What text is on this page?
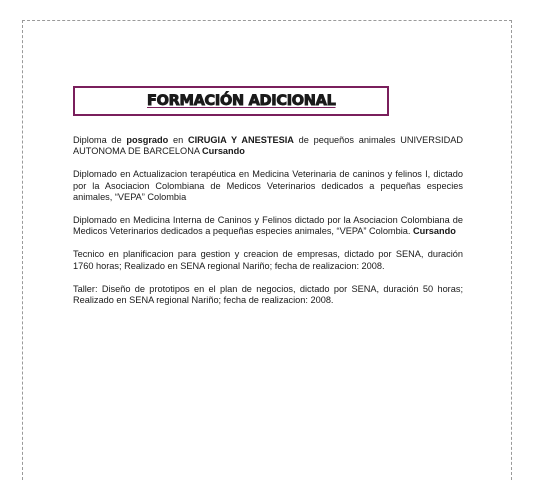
FORMACIÓN ADICIONAL

Diploma de posgrado en CIRUGIA Y ANESTESIA de pequeños animales UNIVERSIDAD AUTONOMA DE BARCELONA Cursando

Diplomado en Actualizacion terapéutica en Medicina Veterinaria de caninos y felinos I, dictado por la Asociacion Colombiana de Medicos Veterinarios dedicados a pequeñas especies animales, “VEPA” Colombia

Diplomado en Medicina Interna de Caninos y Felinos dictado por la Asociacion Colombiana de Medicos Veterinarios dedicados a pequeñas especies animales, “VEPA” Colombia. Cursando

Tecnico en planificacion para gestion y creacion de empresas, dictado por SENA, duración 1760 horas; Realizado en SENA regional Nariño; fecha de realizacion: 2008.

Taller: Diseño de prototipos en el plan de negocios, dictado por SENA, duración 50 horas; Realizado en SENA regional Nariño; fecha de realizacion: 2008.
